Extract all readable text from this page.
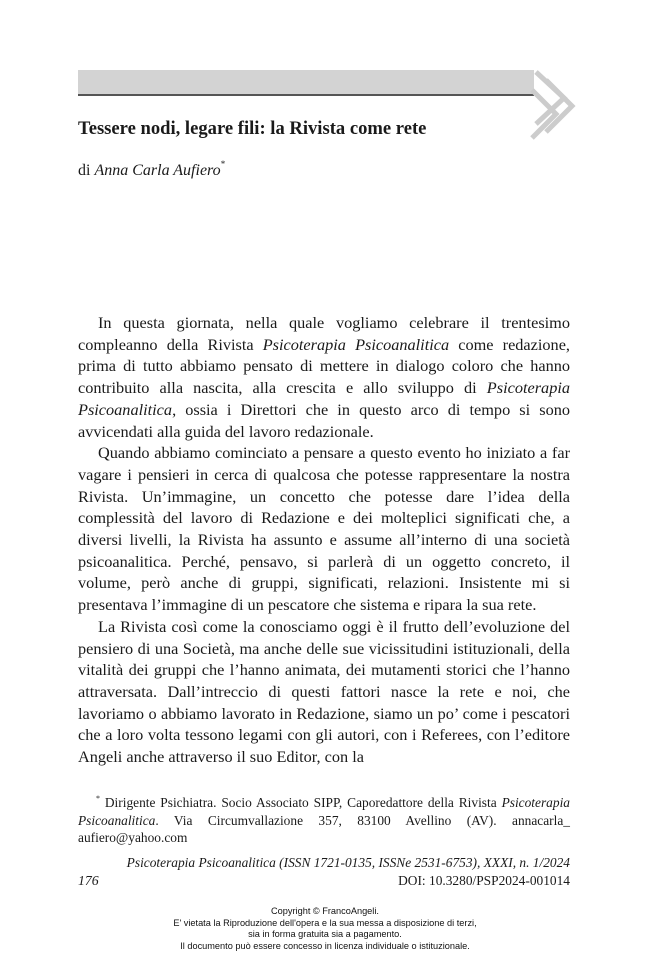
Tessere nodi, legare fili: la Rivista come rete
di Anna Carla Aufiero*

In questa giornata, nella quale vogliamo celebrare il trentesimo compleanno della Rivista Psicoterapia Psicoanalitica come redazione, prima di tutto abbiamo pensato di mettere in dialogo coloro che hanno contribuito alla nascita, alla crescita e allo sviluppo di Psicoterapia Psicoanalitica, ossia i Direttori che in questo arco di tempo si sono avvicendati alla guida del lavoro redazionale.

Quando abbiamo cominciato a pensare a questo evento ho iniziato a far vagare i pensieri in cerca di qualcosa che potesse rappresentare la nostra Rivista. Un’immagine, un concetto che potesse dare l’idea della complessità del lavoro di Redazione e dei molteplici significati che, a diversi livelli, la Rivista ha assunto e assume all’interno di una società psicoanalitica. Perché, pensavo, si parlerà di un oggetto concreto, il volume, però anche di gruppi, significati, relazioni. Insistente mi si presentava l’immagine di un pescatore che sistema e ripara la sua rete.

La Rivista così come la conosciamo oggi è il frutto dell’evoluzione del pensiero di una Società, ma anche delle sue vicissitudini istituzionali, della vitalità dei gruppi che l’hanno animata, dei mutamenti storici che l’hanno attraversata. Dall’intreccio di questi fattori nasce la rete e noi, che lavoriamo o abbiamo lavorato in Redazione, siamo un po’ come i pescatori che a loro volta tessono legami con gli autori, con i Referees, con l’editore Angeli anche attraverso il suo Editor, con la

* Dirigente Psichiatra. Socio Associato SIPP, Caporedattore della Rivista Psicoterapia Psicoanalitica. Via Circumvallazione 357, 83100 Avellino (AV). annacarla_ aufiero@yahoo.com
Psicoterapia Psicoanalitica (ISSN 1721-0135, ISSNe 2531-6753), XXXI, n. 1/2024
176	DOI: 10.3280/PSP2024-001014
Copyright © FrancoAngeli.
E' vietata la Riproduzione dell'opera e la sua messa a disposizione di terzi,
sia in forma gratuita sia a pagamento.
Il documento può essere concesso in licenza individuale o istituzionale.
